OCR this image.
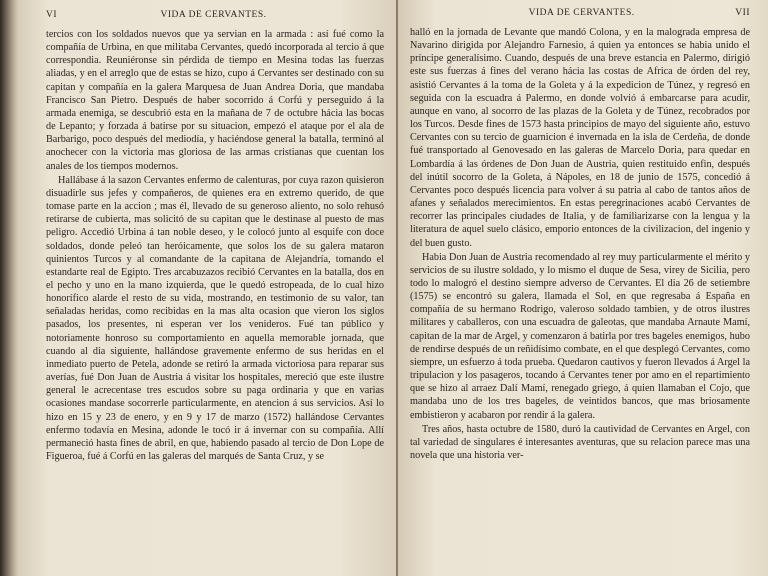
VI	VIDA DE CERVANTES.

tercios con los soldados nuevos que ya servian en la armada : así fué como la compañía de Urbina, en que militaba Cervantes, quedó incorporada al tercio á que correspondia. Reuniéronse sin pérdida de tiempo en Mesina todas las fuerzas aliadas, y en el arreglo que de estas se hizo, cupo á Cervantes ser destinado con su capitan y compañía en la galera Marquesa de Juan Andrea Doria, que mandaba Francisco San Pietro. Después de haber socorrido á Corfú y perseguido á la armada enemiga, se descubrió esta en la mañana de 7 de octubre hácia las bocas de Lepanto; y forzada á batirse por su situacion, empezó el ataque por el ala de Barbarigo, poco después del mediodía, y haciéndose general la batalla, terminó al anochecer con la victoria mas gloriosa de las armas cristianas que cuentan los anales de los tiempos modernos.

Hallábase á la sazon Cervantes enfermo de calenturas, por cuya razon quisieron disuadirle sus jefes y compañeros, de quienes era en extremo querido, de que tomase parte en la accion ; mas él, llevado de su generoso aliento, no solo rehusó retirarse de cubierta, mas solicitó de su capitan que le destinase al puesto de mas peligro. Accedió Urbina á tan noble deseo, y le colocó junto al esquife con doce soldados, donde peleó tan heróicamente, que solos los de su galera mataron quinientos Turcos y al comandante de la capitana de Alejandría, tomando el estandarte real de Egipto. Tres arcabuzazos recibió Cervantes en la batalla, dos en el pecho y uno en la mano izquierda, que le quedó estropeada, de lo cual hizo honorífico alarde el resto de su vida, mostrando, en testimonio de su valor, tan señaladas heridas, como recibidas en la mas alta ocasion que vieron los siglos pasados, los presentes, ni esperan ver los venideros. Fué tan público y notoriamente honroso su comportamiento en aquella memorable jornada, que cuando al dia siguiente, hallándose gravemente enfermo de sus heridas en el inmediato puerto de Petela, adonde se retiró la armada victoriosa para reparar sus averías, fué Don Juan de Austria á visitar los hospitales, mereció que este ilustre general le acrecentase tres escudos sobre su paga ordinaria y que en varias ocasiones mandase socorrerle particularmente, en atencion á sus servicios. Así lo hizo en 15 y 23 de enero, y en 9 y 17 de marzo (1572) hallándose Cervantes enfermo todavía en Mesina, adonde le tocó ir á invernar con su compañía. Allí permaneció hasta fines de abril, en que, habiendo pasado al tercio de Don Lope de Figueroa, fué á Corfú en las galeras del marqués de Santa Cruz, y se

VIDA DE CERVANTES.	VII

halló en la jornada de Levante que mandó Colona, y en la malograda empresa de Navarino dirigida por Alejandro Farnesio, á quien ya entonces se habia unido el príncipe generalísimo. Cuando, después de una breve estancia en Palermo, dirigió este sus fuerzas á fines del verano hácia las costas de Africa de órden del rey, asistió Cervantes á la toma de la Goleta y á la expedicion de Túnez, y regresó en seguida con la escuadra á Palermo, en donde volvió á embarcarse para acudir, aunque en vano, al socorro de las plazas de la Goleta y de Túnez, recobrados por los Turcos. Desde fines de 1573 hasta principios de mayo del siguiente año, estuvo Cervantes con su tercio de guarnicion é invernada en la isla de Cerdeña, de donde fué transportado al Genovesado en las galeras de Marcelo Doria, para quedar en Lombardía á las órdenes de Don Juan de Austria, quien restituido enfin, después del inútil socorro de la Goleta, á Nápoles, en 18 de junio de 1575, concedió á Cervantes poco después licencia para volver á su patria al cabo de tantos años de afanes y señalados merecimientos. En estas peregrinaciones acabó Cervantes de recorrer las principales ciudades de Italia, y de familiarizarse con la lengua y la literatura de aquel suelo clásico, emporio entonces de la civilizacion, del ingenio y del buen gusto.

Habia Don Juan de Austria recomendado al rey muy particularmente el mérito y servicios de su ilustre soldado, y lo mismo el duque de Sesa, virey de Sicilia, pero todo lo malogró el destino siempre adverso de Cervantes. El dia 26 de setiembre (1575) se encontró su galera, llamada el Sol, en que regresaba á España en compañía de su hermano Rodrigo, valeroso soldado tambien, y de otros ilustres militares y caballeros, con una escuadra de galeotas, que mandaba Arnaute Mamí, capitan de la mar de Argel, y comenzaron á batirla por tres bageles enemigos, hubo de rendirse después de un reñidísimo combate, en el que desplegó Cervantes, como siempre, un esfuerzo á toda prueba. Quedaron cautivos y fueron llevados á Argel la tripulacion y los pasageros, tocando á Cervantes tener por amo en el repartimiento que se hizo al arraez Dalí Mamí, renegado griego, á quien llamaban el Cojo, que mandaba uno de los tres bageles, de veintidos bancos, que mas briosamente embistieron y acabaron por rendir á la galera.

Tres años, hasta octubre de 1580, duró la cautividad de Cervantes en Argel, con tal variedad de singulares é interesantes aventuras, que su relacion parece mas una novela que una historia ver-
